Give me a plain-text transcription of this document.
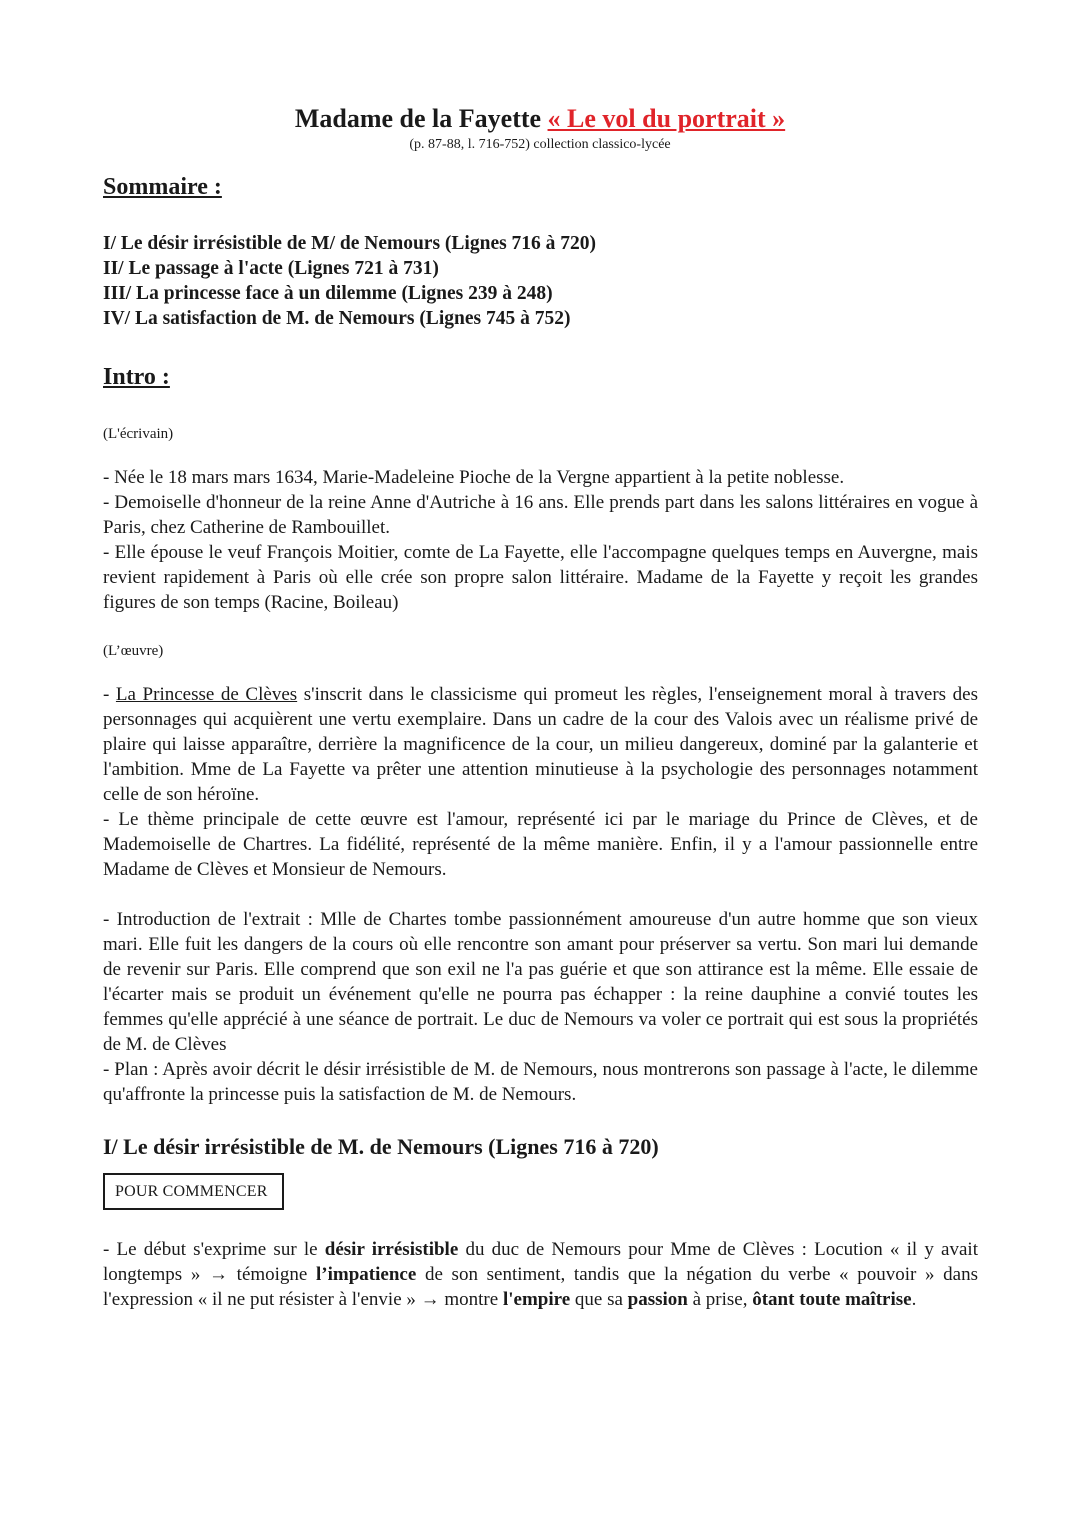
Madame de la Fayette « Le vol du portrait »
(p. 87-88, l. 716-752) collection classico-lycée

Sommaire :

I/ Le désir irrésistible de M/ de Nemours (Lignes 716 à 720)

II/ Le passage à l'acte (Lignes 721 à 731)

III/ La princesse face à un dilemme (Lignes 239 à 248)

IV/ La satisfaction de M. de Nemours (Lignes 745 à 752)

Intro :

(L'écrivain)

- Née le 18 mars mars 1634, Marie-Madeleine Pioche de la Vergne appartient à la petite noblesse.

- Demoiselle d'honneur de la reine Anne d'Autriche à 16 ans. Elle prends part dans les salons littéraires en vogue à Paris, chez Catherine de Rambouillet.

- Elle épouse le veuf François Moitier, comte de La Fayette, elle l'accompagne quelques temps en Auvergne, mais revient rapidement à Paris où elle crée son propre salon littéraire. Madame de la Fayette y reçoit les grandes figures de son temps (Racine, Boileau)

(L’œuvre)

- La Princesse de Clèves s'inscrit dans le classicisme qui promeut les règles, l'enseignement moral à travers des personnages qui acquièrent une vertu exemplaire. Dans un cadre de la cour des Valois avec un réalisme privé de plaire qui laisse apparaître, derrière la magnificence de la cour, un milieu dangereux, dominé par la galanterie et l'ambition. Mme de La Fayette va prêter une attention minutieuse à la psychologie des personnages notamment celle de son héroïne.

- Le thème principale de cette œuvre est l'amour, représenté ici par le mariage du Prince de Clèves, et de Mademoiselle de Chartres. La fidélité, représenté de la même manière. Enfin, il y a l'amour passionnelle entre Madame de Clèves et Monsieur de Nemours.

- Introduction de l'extrait : Mlle de Chartes tombe passionnément amoureuse d'un autre homme que son vieux mari. Elle fuit les dangers de la cours où elle rencontre son amant pour préserver sa vertu. Son mari lui demande de revenir sur Paris. Elle comprend que son exil ne l'a pas guérie et que son attirance est la même. Elle essaie de l'écarter mais se produit un événement qu'elle ne pourra pas échapper : la reine dauphine a convié toutes les femmes qu'elle apprécié à une séance de portrait. Le duc de Nemours va voler ce portrait qui est sous la propriétés de M. de Clèves

- Plan : Après avoir décrit le désir irrésistible de M. de Nemours, nous montrerons son passage à l'acte, le dilemme qu'affronte la princesse puis la satisfaction de M. de Nemours.

I/ Le désir irrésistible de M. de Nemours (Lignes 716 à 720)

POUR COMMENCER

- Le début s'exprime sur le désir irrésistible du duc de Nemours pour Mme de Clèves : Locution « il y avait longtemps » → témoigne l’impatience de son sentiment, tandis que la négation du verbe « pouvoir » dans l'expression « il ne put résister à l'envie » → montre l'empire que sa passion à prise, ôtant toute maîtrise.
